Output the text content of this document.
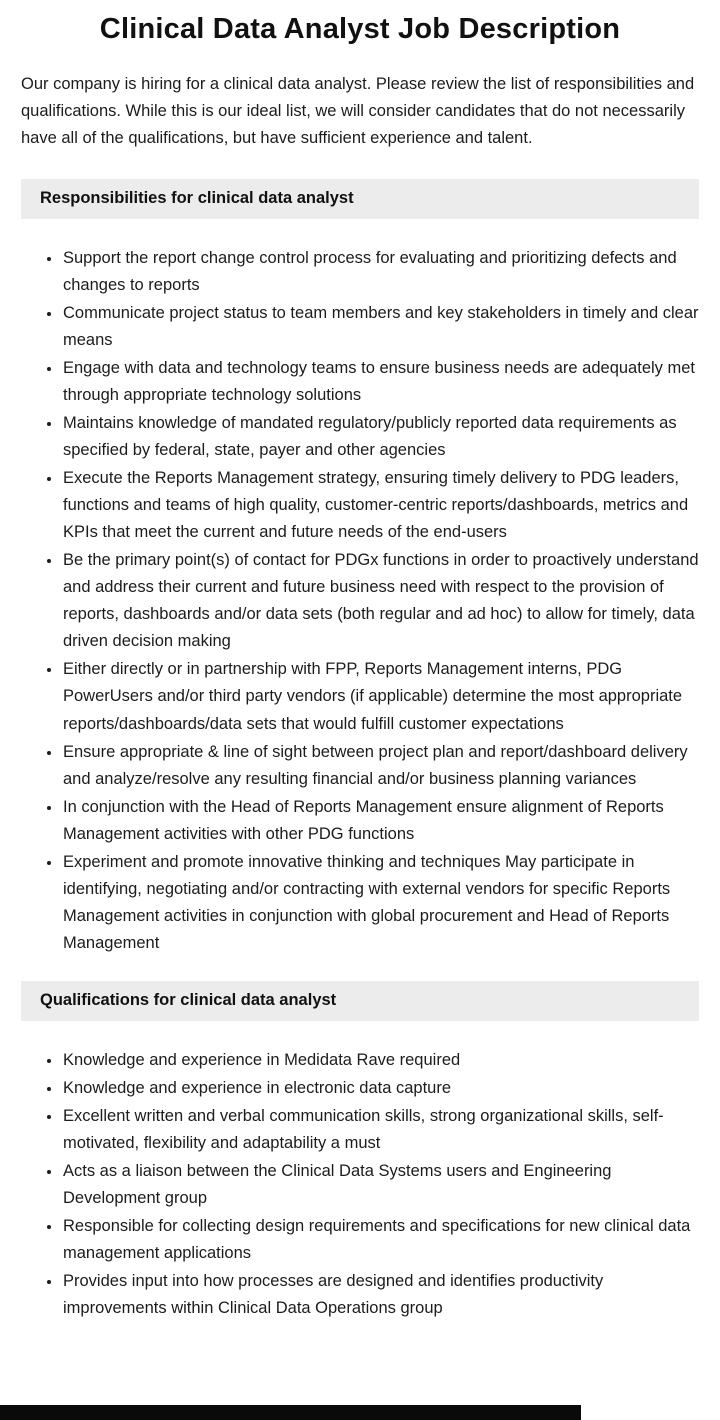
Clinical Data Analyst Job Description

Our company is hiring for a clinical data analyst. Please review the list of responsibilities and qualifications. While this is our ideal list, we will consider candidates that do not necessarily have all of the qualifications, but have sufficient experience and talent.

Responsibilities for clinical data analyst
• Support the report change control process for evaluating and prioritizing defects and changes to reports
• Communicate project status to team members and key stakeholders in timely and clear means
• Engage with data and technology teams to ensure business needs are adequately met through appropriate technology solutions
• Maintains knowledge of mandated regulatory/publicly reported data requirements as specified by federal, state, payer and other agencies
• Execute the Reports Management strategy, ensuring timely delivery to PDG leaders, functions and teams of high quality, customer-centric reports/dashboards, metrics and KPIs that meet the current and future needs of the end-users
• Be the primary point(s) of contact for PDGx functions in order to proactively understand and address their current and future business need with respect to the provision of reports, dashboards and/or data sets (both regular and ad hoc) to allow for timely, data driven decision making
• Either directly or in partnership with FPP, Reports Management interns, PDG PowerUsers and/or third party vendors (if applicable) determine the most appropriate reports/dashboards/data sets that would fulfill customer expectations
• Ensure appropriate & line of sight between project plan and report/dashboard delivery and analyze/resolve any resulting financial and/or business planning variances
• In conjunction with the Head of Reports Management ensure alignment of Reports Management activities with other PDG functions
• Experiment and promote innovative thinking and techniques May participate in identifying, negotiating and/or contracting with external vendors for specific Reports Management activities in conjunction with global procurement and Head of Reports Management
Qualifications for clinical data analyst
• Knowledge and experience in Medidata Rave required
• Knowledge and experience in electronic data capture
• Excellent written and verbal communication skills, strong organizational skills, self-motivated, flexibility and adaptability a must
• Acts as a liaison between the Clinical Data Systems users and Engineering Development group
• Responsible for collecting design requirements and specifications for new clinical data management applications
• Provides input into how processes are designed and identifies productivity improvements within Clinical Data Operations group
